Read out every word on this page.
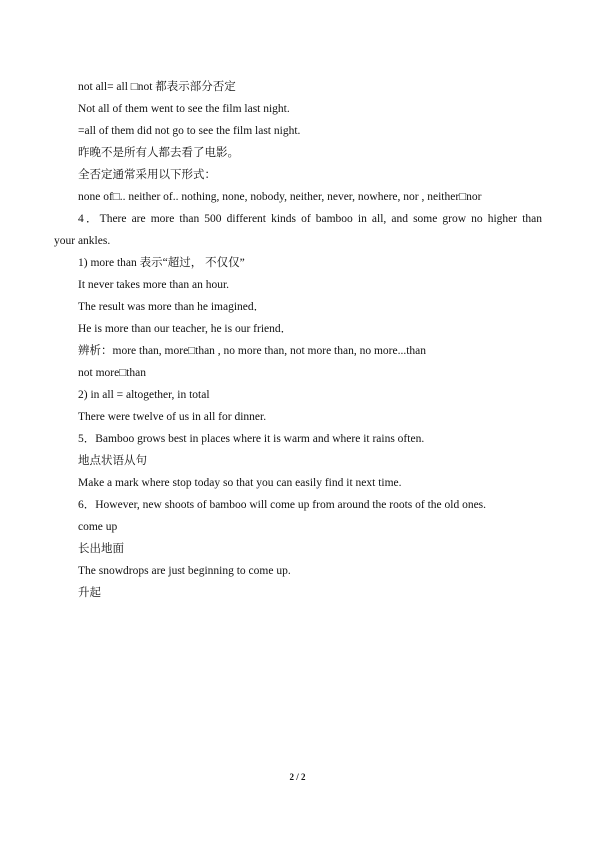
not all= all □not 都表示部分否定
Not all of them went to see the film last night.
=all of them did not go to see the film last night.
昨晚不是所有人都去看了电影。
全否定通常采用以下形式：
none of□.. neither of.. nothing, none, nobody, neither, never, nowhere, nor , neither□nor
4．There are more than 500 different kinds of bamboo in all, and some grow no higher than
your ankles.
1) more than 表示“超过， 不仅仅”
It never takes more than an hour.
The result was more than he imagined．
He is more than our teacher, he is our friend．
辨析：more than, more□than , no more than, not more than, no more...than
not more□than
2) in all = altogether, in total
There were twelve of us in all for dinner.
5．Bamboo grows best in places where it is warm and where it rains often.
地点状语从句
Make a mark where stop today so that you can easily find it next time.
6．However, new shoots of bamboo will come up from around the roots of the old ones.
come up
长出地面
The snowdrops are just beginning to come up.
升起
2 / 2
